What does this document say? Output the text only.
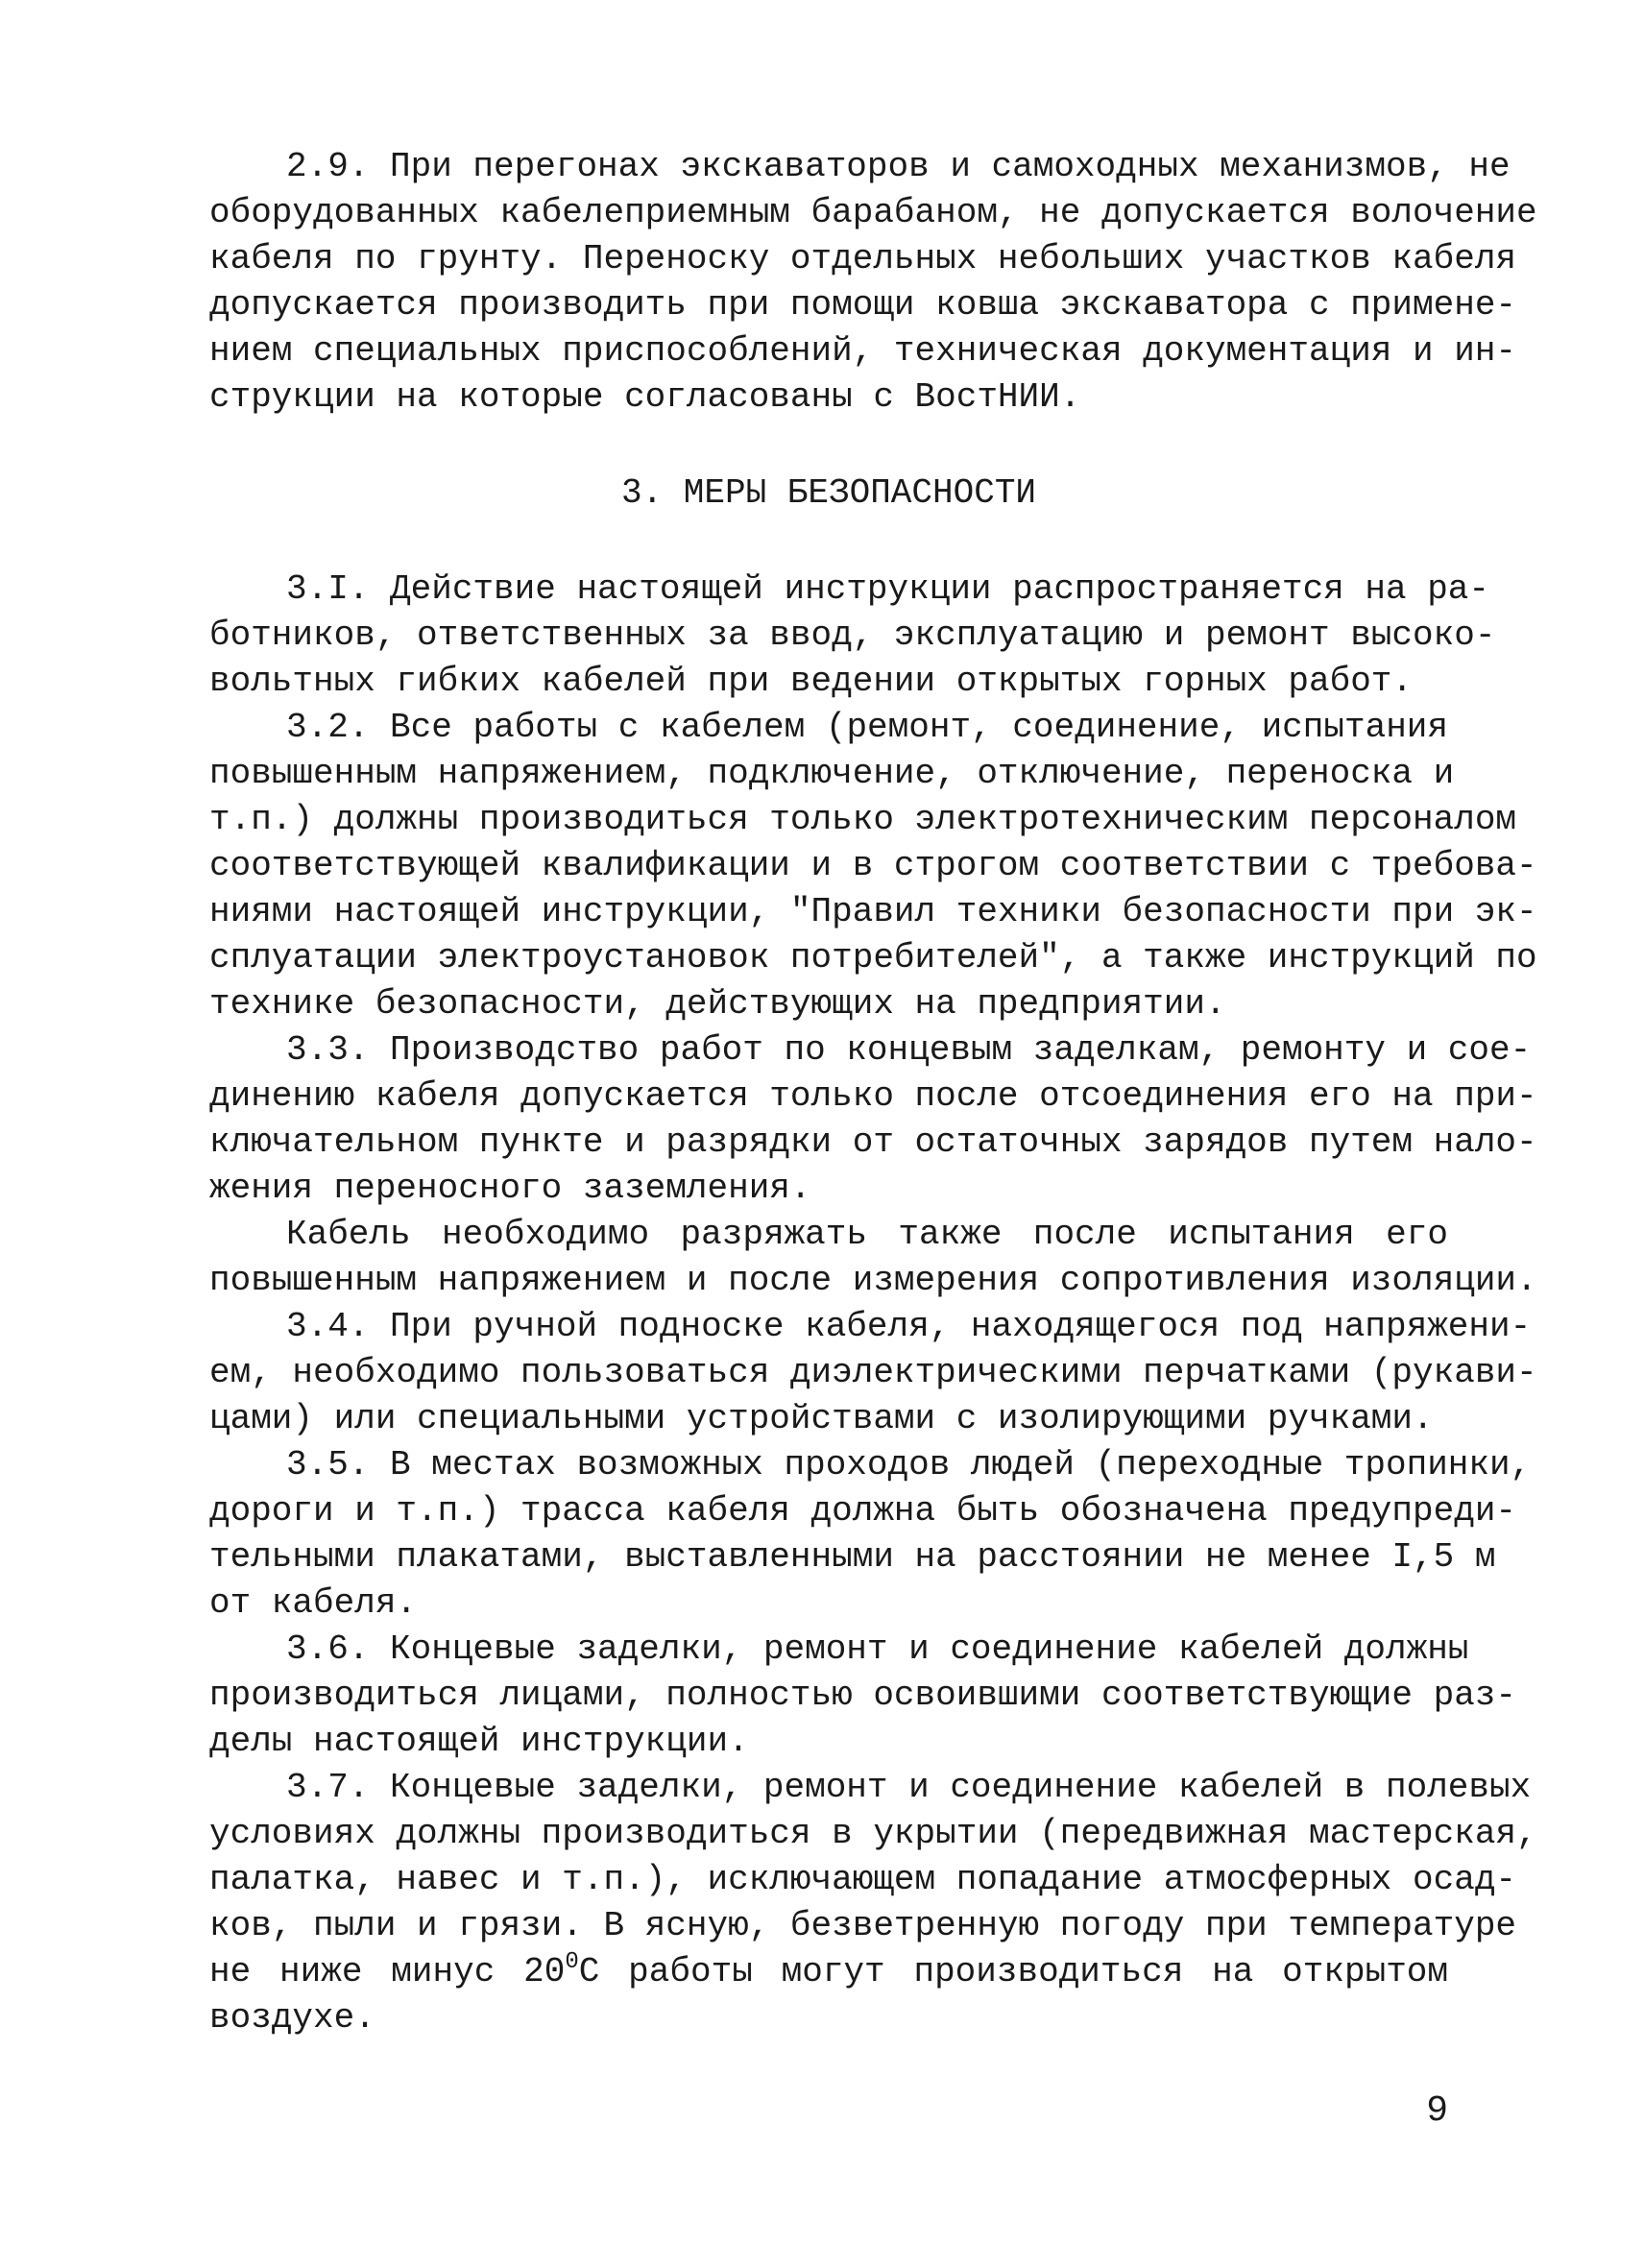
2.9. При перегонах экскаваторов и самоходных механизмов, не
оборудованных кабелеприемным барабаном, не допускается волочение
кабеля по грунту. Переноску отдельных небольших участков кабеля
допускается производить при помощи ковша экскаватора с примене-
нием специальных приспособлений, техническая документация и ин-
струкции на которые согласованы с ВостНИИ.
3.I. Действие настоящей инструкции распространяется на ра-
ботников, ответственных за ввод, эксплуатацию и ремонт высоко-
вольтных гибких кабелей при ведении открытых горных работ.
3.2. Все работы с кабелем (ремонт, соединение, испытания
повышенным напряжением, подключение, отключение, переноска и
т.п.) должны производиться только электротехническим персоналом
соответствующей квалификации и в строгом соответствии с требова-
ниями настоящей инструкции, "Правил техники безопасности при эк-
сплуатации электроустановок потребителей", а также инструкций по
технике безопасности, действующих на предприятии.
3.3. Производство работ по концевым заделкам, ремонту и сое-
динению кабеля допускается только после отсоединения его на при-
ключательном пункте и разрядки от остаточных зарядов путем нало-
жения переносного заземления.
Кабель необходимо разряжать также после испытания его
повышенным напряжением и после измерения сопротивления изоляции.
3.4. При ручной подноске кабеля, находящегося под напряжени-
ем, необходимо пользоваться диэлектрическими перчатками (рукави-
цами) или специальными устройствами с изолирующими ручками.
3.5. В местах возможных проходов людей (переходные тропинки,
дороги и т.п.) трасса кабеля должна быть обозначена предупреди-
тельными плакатами, выставленными на расстоянии не менее I,5 м
от кабеля.
3.6. Концевые заделки, ремонт и соединение кабелей должны
производиться лицами, полностью освоившими соответствующие раз-
делы настоящей инструкции.
3.7. Концевые заделки, ремонт и соединение кабелей в полевых
условиях должны производиться в укрытии (передвижная мастерская,
палатка, навес и т.п.), исключающем попадание атмосферных осад-
ков, пыли и грязи. В ясную, безветренную погоду при температуре
не ниже минус $20^0С$ работы могут производиться на открытом
воздухе.
3. МЕРЫ БЕЗОПАСНОСТИ
9
